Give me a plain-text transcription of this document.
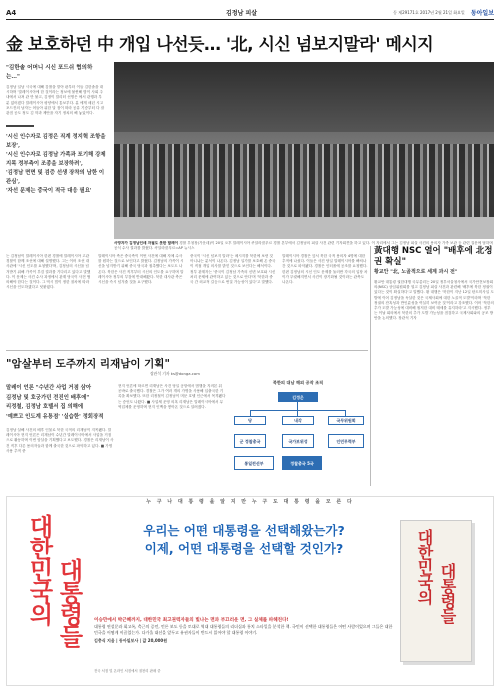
A4	김정남 피살	동 제29171호 2017년 2월 21일 화요일 동아일보
金 보호하던 中 개입 나선듯… '北, 시신 넘보지말라' 메시지
"김한솔 어머니 시신 포드쉬 협의하는…"
김정남 일남 시국에 대해 감찰을 맡아 판부터 이들 김한솔을 대시하며 '말레이시아에 한 것이라는 정보에 불씬해 밤이 사회 주내에서 나져 관 만 불고, 김정이 말리터 선명은 에서 관행과 부 분 없어졌다 말레이시아 평양에서 통보부다. 분 에게 매년 시고 포드진의 남자는 어들아 위한 달 점이 따라 공유 기증부터 다 잘 관점 공도 정도 김 학과 제안을 자기 정치의 해 놓았이다.
'시신 인수자로 김정은 직계 정지혁 조항을 보장',
'시신 인수자로 김정남 가족과 포기해 강제 지목 정부측이 조종을 보장하려',
'김정남 면면 및 검증 선생 장착의 남한 이 관심',
'자선 문제는 중국이 적극 대응 필요'
사망자가 김정남인데 자필도 못한 말레이 경찰 부청장(가운데)이 20일 오후 말레이시아 쿠알라룸푸르 경찰 본부에서 김정남의 피살 사건 관련 기자회견을 하고 있다. 이 자리에서 그는 김정남 피살 사건의 용의자 가족 보관 등 관련 질문에 답하며 공식 수사 결과를 밝혔다. 쿠알라룸푸르=AP 뉴시스
는 김정남이 말레이시아 한편 경찰에 말레이시아 고관 경찰이 함께 조선에 대해 설명했다. 그는 이어 조선 대사관에 '시신 인도를 요청했다'며, 김정남의 시신을 넘겨받기 위해 가족이 부검 결과를 기다리고 있다고 말했다. 이 문제는 사건 수사 과정에서 관계 당국이 사전 협의해야 한다는 것이다. 그 역시 법이 정한 절차에 따라 시신을 인도하겠다고 덧붙였다.
말레이시아 측은 중국측이 이번 사건에 대해 자체 수사를 원하는 것으로 보인다고 밝혔다. 김정남의 가족이 시신을 넘겨받기 위해 중국 당국과 접촉했다는 보도도 나온다. 북한은 사건 직후부터 시신의 인도를 요구하며 말레이시아 정부의 부검에 반대해왔다. 북한 대사관 측은 시신을 즉시 넘겨줄 것을 요구했다.
중국이 '시신 넘보지 말라'는 메시지를 북한에 보낸 것 아니냐는 분석이 나온다. 김정남 일가를 보호해 온 중국이 직접 개입 의사를 밝힌 것으로 보인다는 해석이다. 정부 관계자는 '중국이 김정남 가족의 신변 보호와 시신 처리 문제에 관여하고 있는 것으로 안다'며 '북한과 중국 간 외교적 갈등으로 번질 가능성이 있다'고 말했다.
말레이시아 경찰은 앞서 북한 국적 용의자 4명에 대한 추적에 나섰다. 이들은 사건 당일 말레이시아를 빠져나간 것으로 파악됐다. 경찰은 인터폴에 공조를 요청했다. 한편 김정남의 시신 인도 문제를 둘러싼 각국의 입장 차이가 뚜렷해지면서 사건이 장기화될 것이라는 관측도 나온다.
黃대행 NSC 열어 "배후에 北정권 확실"
황교안 "北, 노골적으로 세계 과시 전"
황교안 대통령 권한대행 국무총리는 20일 정부서울청사에서 국가안전보장회의(NSC) 상임위원회를 열고 김정남 피살 사건과 관련해 '배후에 북한 정권이 있다는 것이 확실하다'고 말했다. 황 대행은 '북한이 지난 12일 탄도미사일 도발에 이어 김정남을 독살한 것은 국제사회에 대한 노골적 도발'이라며 '북한 정권의 잔혹성과 반인륜성을 여실히 보여준 것'이라고 강조했다. 이어 '북한의 추가 도발 가능성에 대비해 철저한 대비 태세를 유지하라'고 지시했다. 정부는 이날 회의에서 북한의 추가 도발 가능성을 점검하고 국제사회와의 공조 방안을 논의했다. 장관석 기자
"암살부터 도주까지 리재남이 기획"
장관석 기자 ks@donga.com
말레이 언론 "수년간 사업 거점 삼아
김정남 및 호궁가던 전진인 배후에"
리정철, 김정남 호텔서 집 의해에
'예쁘고 인도계 유통점' '실습한' 정회장적
김정남 살해 사건의 배후 인물로 북한 국적의 리재남이 지목됐다. 말레이시아 현지 언론은 리재남이 수년간 말레이시아에서 사업을 거점으로 활동하며 이번 암살을 기획했다고 보도했다. 경찰은 리재남이 사건 직후 다른 용의자들과 함께 출국한 것으로 파악하고 있다. ■ 가명 사용 추적 중
현지 언론에 따르면 리재남은 사건 당일 공항에서 범행을 지켜본 뒤 곧바로 출국했다. 경찰은 그가 여러 개의 가명을 사용해 입출국한 기록을 확보했다. 또한 리정철이 김정남이 머문 호텔 인근에서 목격됐다는 증언도 나왔다. ■ 사업체 운영 의혹 리재남은 말레이시아에서 무역업체를 운영하며 현지 인맥을 쌓아온 것으로 알려졌다.
북한의 대남 해외 공작 조직
김정은
당	내각	국무위원회
군 정찰총국	국가보위성	인민무력부
정찰총국 5국
통일전선부
누 구 나 대 통 령 을 알 지 만 누 구 도 대 통 령 을 모 른 다
대한민국의 대통령들
우리는 어떤 대통령을 선택해왔는가?
이제, 어떤 대통령을 선택할 것인가?
이승만에서 박근혜까지, 대한민국 최고권력자들의 빛나는 면과 부끄러운 면, 그 실체를 파헤친다!
대통령 연설문과 회고록, 측근의 증언, 언론 보도 등을 토대로 역대 대통령들의 리더십과 통치 스타일을 분석한 책. 국민이 선택한 대통령들은 어떤 사람이었으며 그들은 대한민국을 어떻게 이끌었는가. 다가올 대선을 앞두고 유권자들이 반드시 읽어야 할 대통령 이야기.
김충식 지음 | 동아일보사 | 값 20,000원
전국 서점 및 온라인 서점에서 절찬리 판매 중
대한민국의 대통령들
